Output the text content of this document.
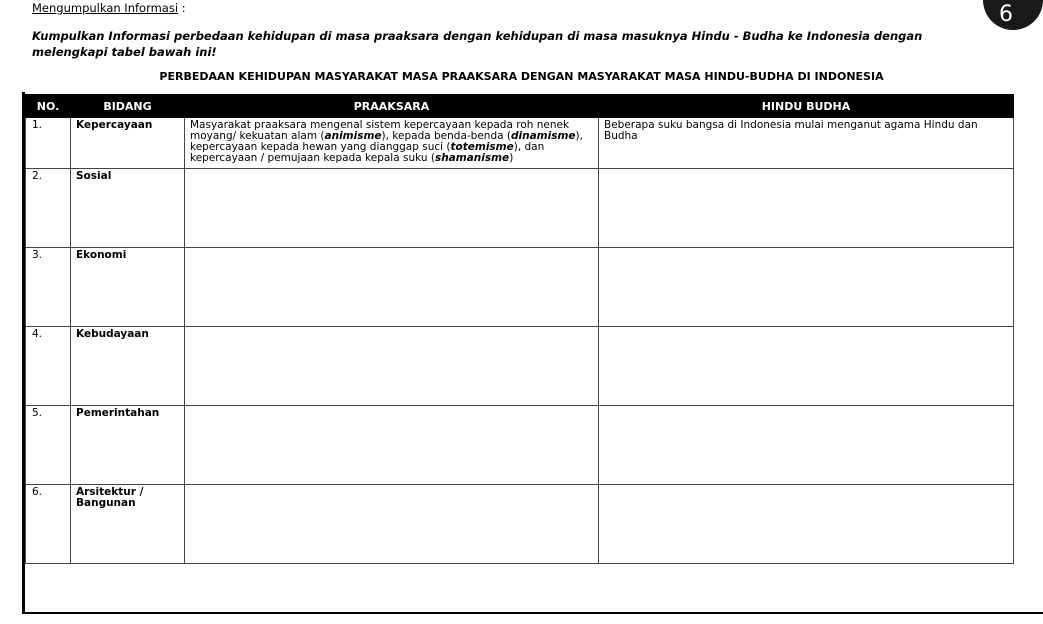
Mengumpulkan Informasi :	6
Kumpulkan Informasi perbedaan kehidupan di masa praaksara dengan kehidupan di masa masuknya Hindu - Budha ke Indonesia dengan melengkapi tabel bawah ini!
PERBEDAAN KEHIDUPAN MASYARAKAT MASA PRAAKSARA DENGAN MASYARAKAT MASA HINDU-BUDHA DI INDONESIA
NO.	BIDANG	PRAAKSARA	HINDU BUDHA
1.	Kepercayaan	Masyarakat praaksara mengenal sistem kepercayaan kepada roh nenek moyang/ kekuatan alam (animisme), kepada benda-benda (dinamisme), kepercayaan kepada hewan yang dianggap suci (totemisme), dan kepercayaan / pemujaan kepada kepala suku (shamanisme)	Beberapa suku bangsa di Indonesia mulai menganut agama Hindu dan Budha
2.	Sosial		
3.	Ekonomi		
4.	Kebudayaan		
5.	Pemerintahan		
6.	Arsitektur / Bangunan		
